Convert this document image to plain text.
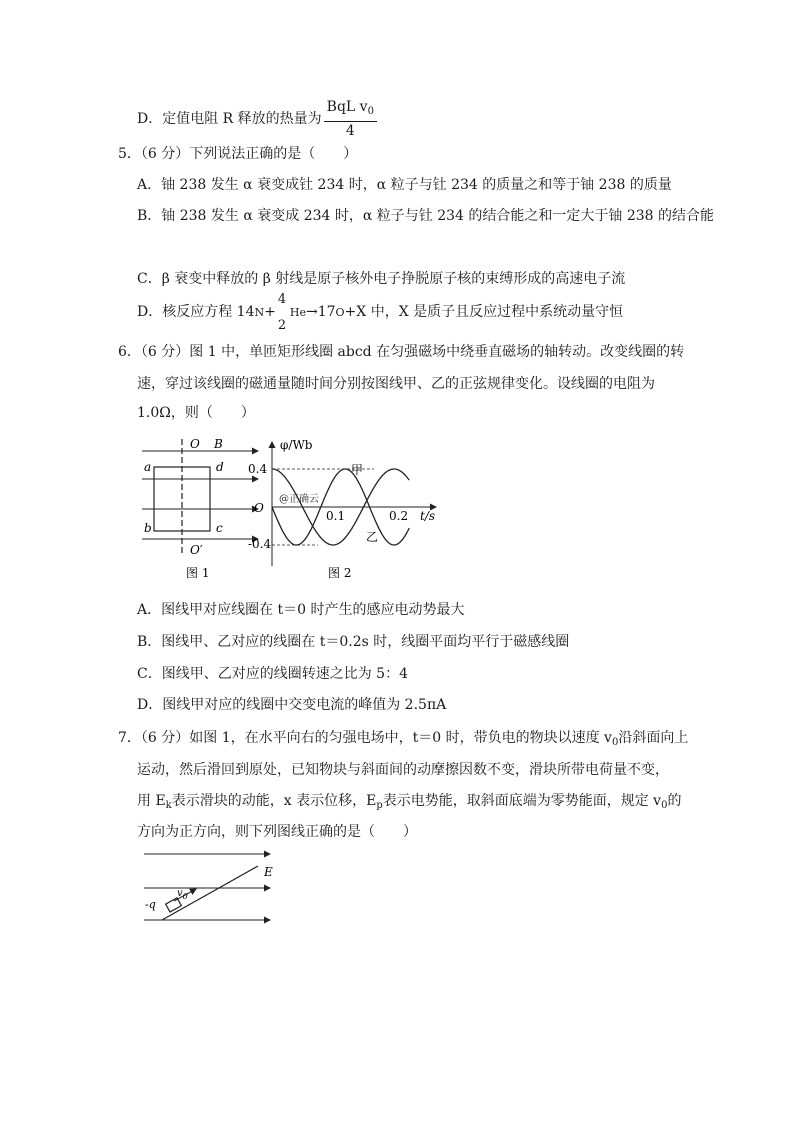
D．定值电阻 R 释放的热量为 $\frac{BqL v_0}{4}$
5．（6 分）下列说法正确的是（　　）
A．铀 238 发生 α 衰变成钍 234 时，α 粒子与钍 234 的质量之和等于铀 238 的质量
B．铀 238 发生 α 衰变成 234 时，α 粒子与钍 234 的结合能之和一定大于铀 238 的结合能
C．β 衰变中释放的 β 射线是原子核外电子挣脱原子核的束缚形成的高速电子流
D．核反应方程 14N+
4
2
He→17O+X 中，X 是质子且反应过程中系统动量守恒
6．（6 分）图 1 中，单匝矩形线圈 abcd 在匀强磁场中绕垂直磁场的轴转动。改变线圈的转
速，穿过该线圈的磁通量随时间分别按图线甲、乙的正弦规律变化。设线圈的电阻为
1.0Ω，则（　　）
O B
a	d
b	c
O′
图 1
φ/Wb
0.4
-0.4
O
0.1	0.2 t/s
甲
乙
@正确云
图 2
A．图线甲对应线圈在 t＝0 时产生的感应电动势最大
B．图线甲、乙对应的线圈在 t＝0.2s 时，线圈平面均平行于磁感线圈
C．图线甲、乙对应的线圈转速之比为 5：4
D．图线甲对应的线圈中交变电流的峰值为 2.5πA
7．（6 分）如图 1，在水平向右的匀强电场中，t＝0 时，带负电的物块以速度 $v_0$沿斜面向上
运动，然后滑回到原处，已知物块与斜面间的动摩擦因数不变，滑块所带电荷量不变，
用 $E_k$表示滑块的动能，x 表示位移，$E_p$表示电势能，取斜面底端为零势能面，规定 $v_0$的
方向为正方向，则下列图线正确的是（　　）
$v_0$
-q
E
